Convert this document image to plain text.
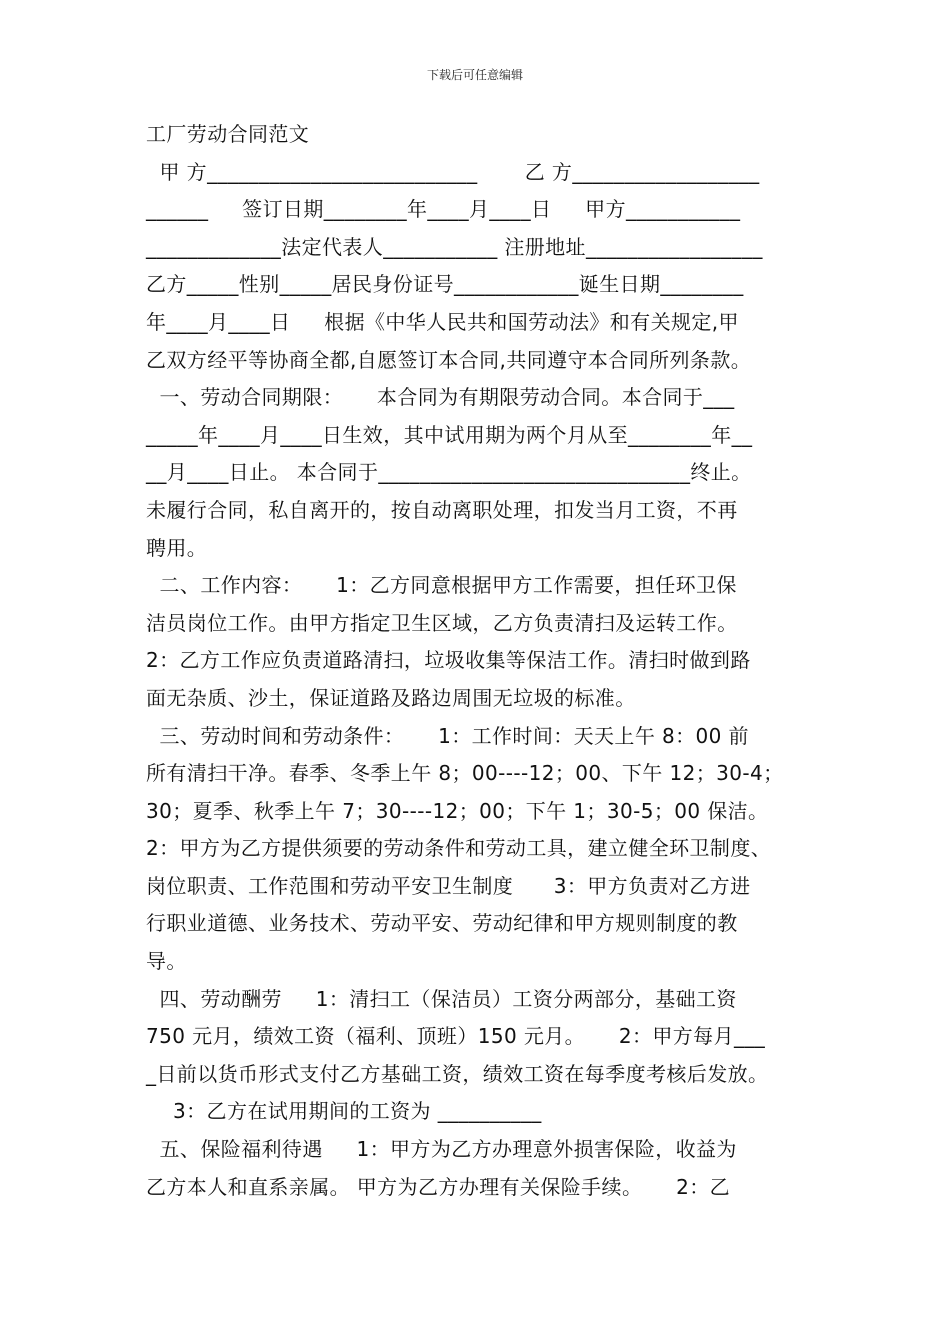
下载后可任意编辑
工厂劳动合同范文
甲 方__________________________       乙 方__________________
______     签订日期________年____月____日     甲方___________
_____________法定代表人___________ 注册地址_________________
乙方_____性别_____居民身份证号____________诞生日期________
年____月____日     根据《中华人民共和国劳动法》和有关规定,甲
乙双方经平等协商全都,自愿签订本合同,共同遵守本合同所列条款。
一、劳动合同期限：     本合同为有期限劳动合同。本合同于___
_____年____月____日生效，其中试用期为两个月从至________年__
__月____日止。 本合同于______________________________终止。
未履行合同，私自离开的，按自动离职处理，扣发当月工资，不再
聘用。
二、工作内容：     1：乙方同意根据甲方工作需要，担任环卫保
洁员岗位工作。由甲方指定卫生区域，乙方负责清扫及运转工作。
2：乙方工作应负责道路清扫，垃圾收集等保洁工作。清扫时做到路
面无杂质、沙土，保证道路及路边周围无垃圾的标准。
三、劳动时间和劳动条件：     1：工作时间：天天上午 8：00 前
所有清扫干净。春季、冬季上午 8；00----12；00、下午 12；30-4；
30；夏季、秋季上午 7；30----12；00；下午 1；30-5；00 保洁。
2：甲方为乙方提供须要的劳动条件和劳动工具，建立健全环卫制度、
岗位职责、工作范围和劳动平安卫生制度      3：甲方负责对乙方进
行职业道德、业务技术、劳动平安、劳动纪律和甲方规则制度的教
导。
四、劳动酬劳     1：清扫工（保洁员）工资分两部分，基础工资
750 元月，绩效工资（福利、顶班）150 元月。     2：甲方每月___
_日前以货币形式支付乙方基础工资，绩效工资在每季度考核后发放。
3：乙方在试用期间的工资为 __________
五、保险福利待遇     1：甲方为乙方办理意外损害保险，收益为
乙方本人和直系亲属。 甲方为乙方办理有关保险手续。     2：乙
